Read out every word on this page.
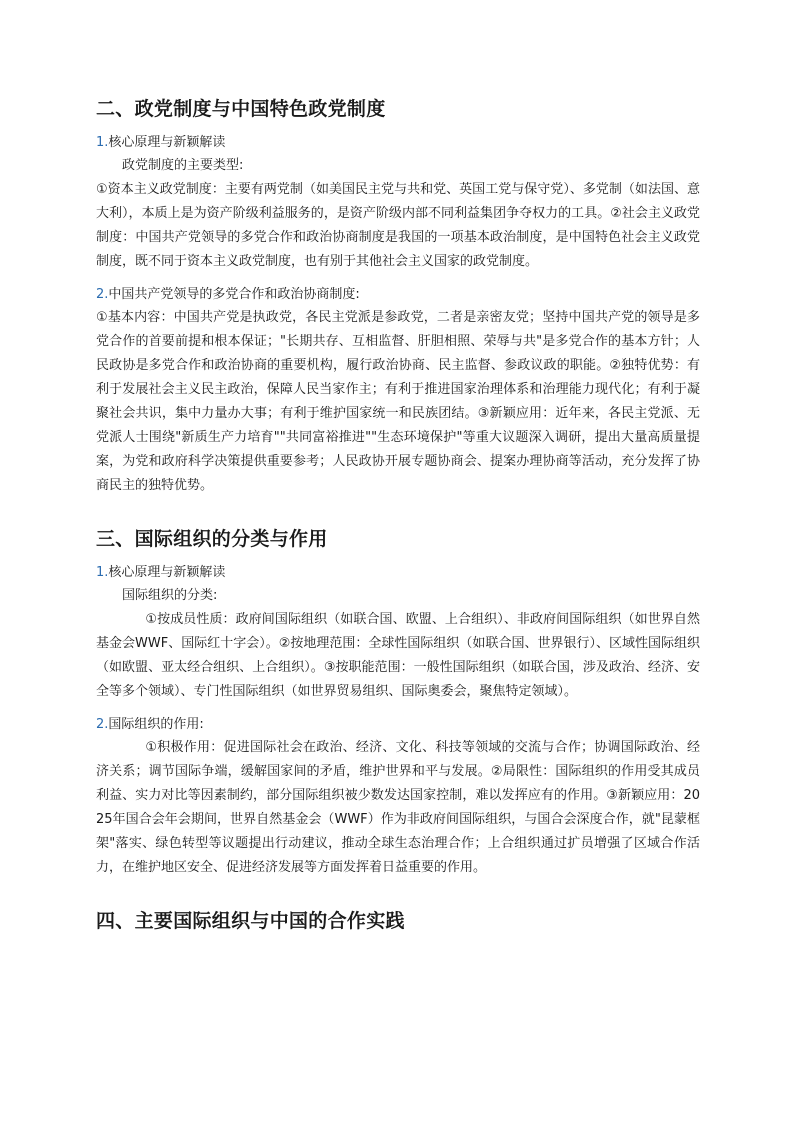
二、政党制度与中国特色政党制度
1.核心原理与新颖解读

政党制度的主要类型:

①资本主义政党制度：主要有两党制（如美国民主党与共和党、英国工党与保守党）、多党制（如法国、意大利），本质上是为资产阶级利益服务的，是资产阶级内部不同利益集团争夺权力的工具。②社会主义政党制度：中国共产党领导的多党合作和政治协商制度是我国的一项基本政治制度，是中国特色社会主义政党制度，既不同于资本主义政党制度，也有别于其他社会主义国家的政党制度。

2.中国共产党领导的多党合作和政治协商制度:

①基本内容：中国共产党是执政党，各民主党派是参政党，二者是亲密友党；坚持中国共产党的领导是多党合作的首要前提和根本保证；"长期共存、互相监督、肝胆相照、荣辱与共"是多党合作的基本方针；人民政协是多党合作和政治协商的重要机构，履行政治协商、民主监督、参政议政的职能。②独特优势：有利于发展社会主义民主政治，保障人民当家作主；有利于推进国家治理体系和治理能力现代化；有利于凝聚社会共识，集中力量办大事；有利于维护国家统一和民族团结。③新颖应用：近年来，各民主党派、无党派人士围绕"新质生产力培育""共同富裕推进""生态环境保护"等重大议题深入调研，提出大量高质量提案，为党和政府科学决策提供重要参考；人民政协开展专题协商会、提案办理协商等活动，充分发挥了协商民主的独特优势。

三、国际组织的分类与作用
1.核心原理与新颖解读

国际组织的分类:

①按成员性质：政府间国际组织（如联合国、欧盟、上合组织）、非政府间国际组织（如世界自然基金会WWF、国际红十字会）。②按地理范围：全球性国际组织（如联合国、世界银行）、区域性国际组织（如欧盟、亚太经合组织、上合组织）。③按职能范围：一般性国际组织（如联合国，涉及政治、经济、安全等多个领域）、专门性国际组织（如世界贸易组织、国际奥委会，聚焦特定领域）。

2.国际组织的作用:

①积极作用：促进国际社会在政治、经济、文化、科技等领域的交流与合作；协调国际政治、经济关系；调节国际争端，缓解国家间的矛盾，维护世界和平与发展。②局限性：国际组织的作用受其成员利益、实力对比等因素制约，部分国际组织被少数发达国家控制，难以发挥应有的作用。③新颖应用：2025年国合会年会期间，世界自然基金会（WWF）作为非政府间国际组织，与国合会深度合作，就"昆蒙框架"落实、绿色转型等议题提出行动建议，推动全球生态治理合作；上合组织通过扩员增强了区域合作活力，在维护地区安全、促进经济发展等方面发挥着日益重要的作用。

四、主要国际组织与中国的合作实践
